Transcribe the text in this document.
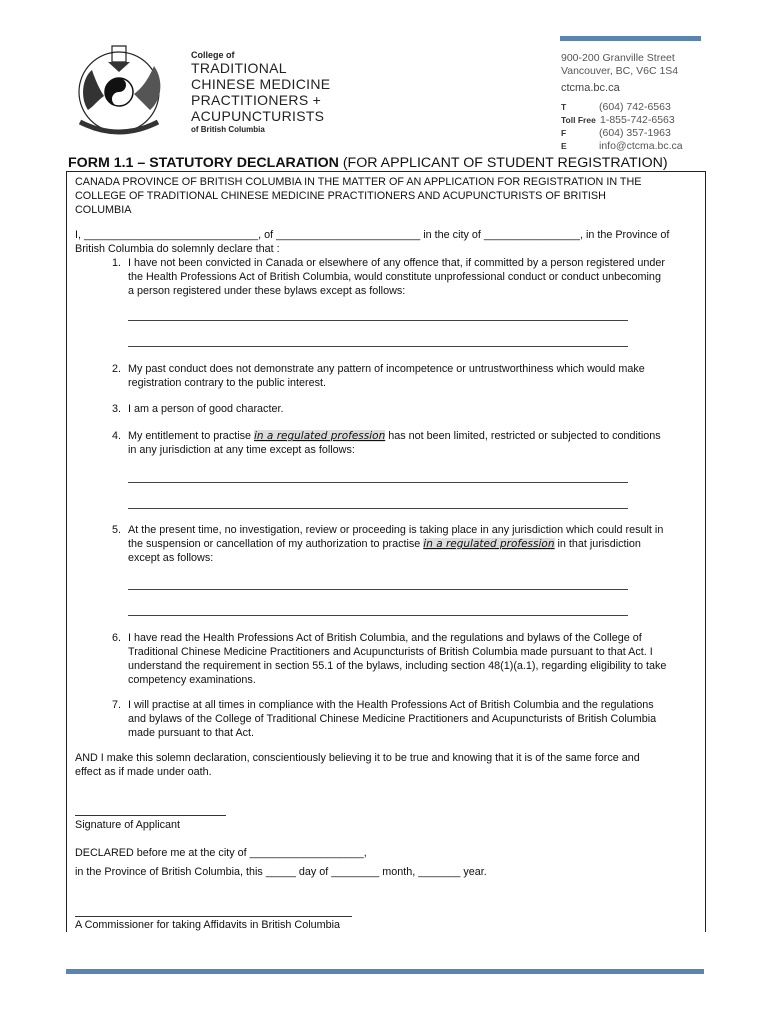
College of
TRADITIONAL
CHINESE MEDICINE
PRACTITIONERS +
ACUPUNCTURISTS
of British Columbia
900-200 Granville Street
Vancouver, BC, V6C 1S4
ctcma.bc.ca
T	(604) 742-6563
Toll Free 1-855-742-6563
F	(604) 357-1963
E	info@ctcma.bc.ca
FORM 1.1 – STATUTORY DECLARATION (FOR APPLICANT OF STUDENT REGISTRATION)
CANADA PROVINCE OF BRITISH COLUMBIA IN THE MATTER OF AN APPLICATION FOR REGISTRATION IN THE
COLLEGE OF TRADITIONAL CHINESE MEDICINE PRACTITIONERS AND ACUPUNCTURISTS OF BRITISH
COLUMBIA
I, _____________________________, of ________________________ in the city of ________________, in the Province of
British Columbia do solemnly declare that :
1. I have not been convicted in Canada or elsewhere of any offence that, if committed by a person registered under
the Health Professions Act of British Columbia, would constitute unprofessional conduct or conduct unbecoming
a person registered under these bylaws except as follows:
2. My past conduct does not demonstrate any pattern of incompetence or untrustworthiness which would make
registration contrary to the public interest.
3. I am a person of good character.
4. My entitlement to practise in a regulated profession has not been limited, restricted or subjected to conditions
in any jurisdiction at any time except as follows:
5. At the present time, no investigation, review or proceeding is taking place in any jurisdiction which could result in
the suspension or cancellation of my authorization to practise in a regulated profession in that jurisdiction
except as follows:
6. I have read the Health Professions Act of British Columbia, and the regulations and bylaws of the College of
Traditional Chinese Medicine Practitioners and Acupuncturists of British Columbia made pursuant to that Act. I
understand the requirement in section 55.1 of the bylaws, including section 48(1)(a.1), regarding eligibility to take
competency examinations.
7. I will practise at all times in compliance with the Health Professions Act of British Columbia and the regulations
and bylaws of the College of Traditional Chinese Medicine Practitioners and Acupuncturists of British Columbia
made pursuant to that Act.
AND I make this solemn declaration, conscientiously believing it to be true and knowing that it is of the same force and
effect as if made under oath.
Signature of Applicant
DECLARED before me at the city of ___________________,
in the Province of British Columbia, this _____ day of ________ month, _______ year.
A Commissioner for taking Affidavits in British Columbia
